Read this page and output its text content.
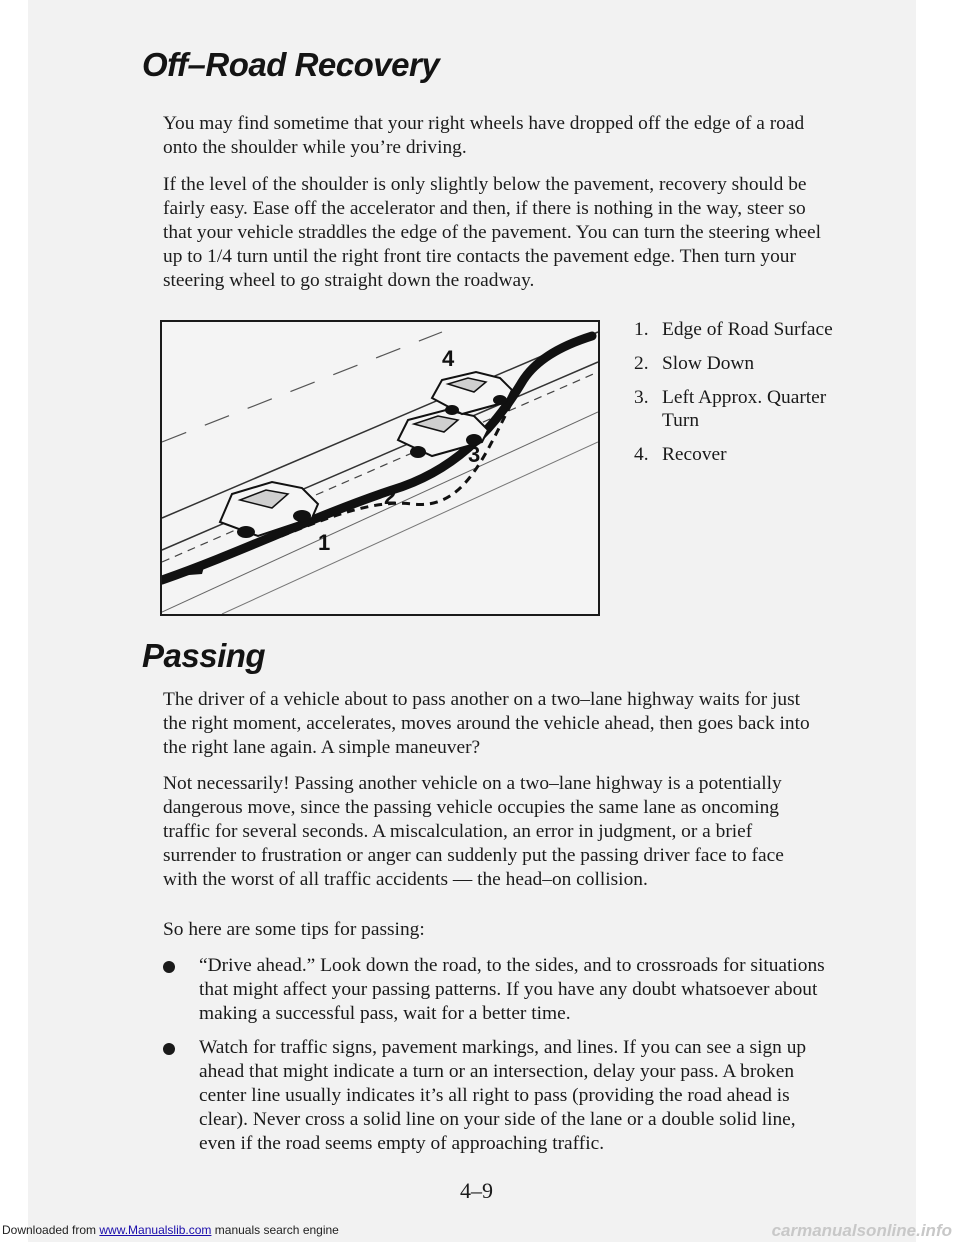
Off–Road Recovery

You may find sometime that your right wheels have dropped off the edge of a road onto the shoulder while you’re driving.

If the level of the shoulder is only slightly below the pavement, recovery should be fairly easy. Ease off the accelerator and then, if there is nothing in the way, steer so that your vehicle straddles the edge of the pavement. You can turn the steering wheel up to 1/4 turn until the right front tire contacts the pavement edge. Then turn your steering wheel to go straight down the roadway.

1
2
3
4
1. Edge of Road Surface
2. Slow Down
3. Left Approx. Quarter Turn
4. Recover
Passing

The driver of a vehicle about to pass another on a two–lane highway waits for just the right moment, accelerates, moves around the vehicle ahead, then goes back into the right lane again. A simple maneuver?

Not necessarily! Passing another vehicle on a two–lane highway is a potentially dangerous move, since the passing vehicle occupies the same lane as oncoming traffic for several seconds. A miscalculation, an error in judgment, or a brief surrender to frustration or anger can suddenly put the passing driver face to face with the worst of all traffic accidents — the head–on collision.

So here are some tips for passing:

“Drive ahead.” Look down the road, to the sides, and to crossroads for situations that might affect your passing patterns. If you have any doubt whatsoever about making a successful pass, wait for a better time.
Watch for traffic signs, pavement markings, and lines. If you can see a sign up ahead that might indicate a turn or an intersection, delay your pass. A broken center line usually indicates it’s all right to pass (providing the road ahead is clear). Never cross a solid line on your side of the lane or a double solid line, even if the road seems empty of approaching traffic.
4–9
Downloaded from www.Manualslib.com manuals search engine	carmanualsonline.info
